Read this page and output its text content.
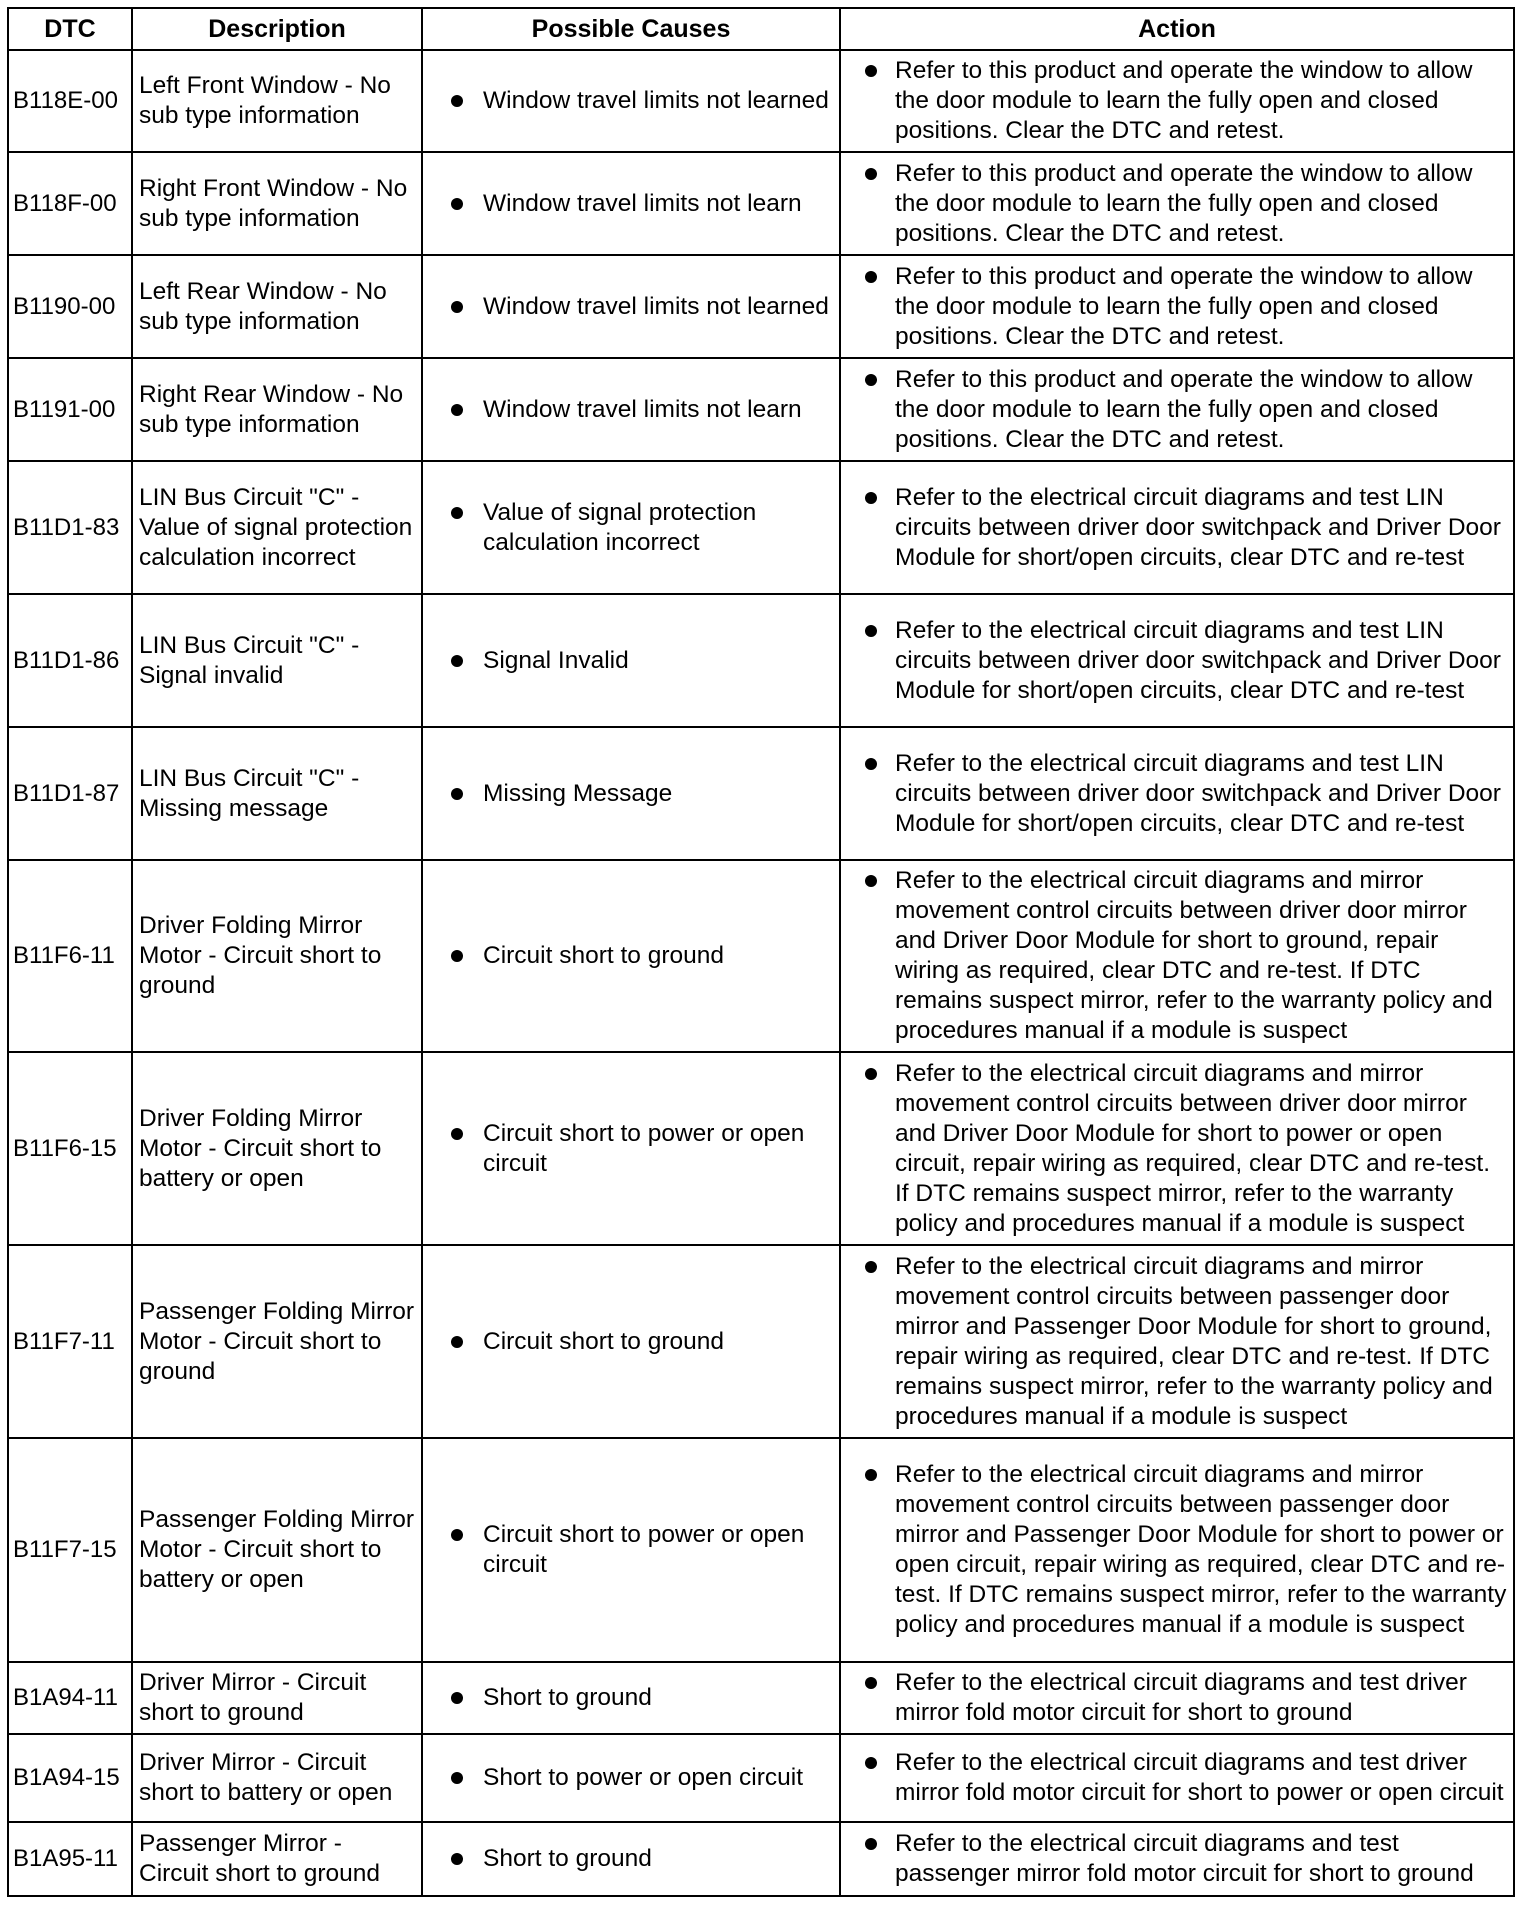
DTC	Description	Possible Causes	Action
B118E-00	Left Front Window - No sub type information	Window travel limits not learned	Refer to this product and operate the window to allow the door module to learn the fully open and closed positions. Clear the DTC and retest.

B118F-00	Right Front Window - No sub type information	Window travel limits not learn	Refer to this product and operate the window to allow the door module to learn the fully open and closed positions. Clear the DTC and retest.

B1190-00	Left Rear Window - No sub type information	Window travel limits not learned	Refer to this product and operate the window to allow the door module to learn the fully open and closed positions. Clear the DTC and retest.

B1191-00	Right Rear Window - No sub type information	Window travel limits not learn	Refer to this product and operate the window to allow the door module to learn the fully open and closed positions. Clear the DTC and retest.

B11D1-83	LIN Bus Circuit "C" - Value of signal protection calculation incorrect	Value of signal protection calculation incorrect	Refer to the electrical circuit diagrams and test LIN circuits between driver door switchpack and Driver Door Module for short/open circuits, clear DTC and re-test

B11D1-86	LIN Bus Circuit "C" - Signal invalid	Signal Invalid	Refer to the electrical circuit diagrams and test LIN circuits between driver door switchpack and Driver Door Module for short/open circuits, clear DTC and re-test

B11D1-87	LIN Bus Circuit "C" - Missing message	Missing Message	Refer to the electrical circuit diagrams and test LIN circuits between driver door switchpack and Driver Door Module for short/open circuits, clear DTC and re-test

B11F6-11	Driver Folding Mirror Motor - Circuit short to ground	Circuit short to ground	Refer to the electrical circuit diagrams and mirror movement control circuits between driver door mirror and Driver Door Module for short to ground, repair wiring as required, clear DTC and re-test. If DTC remains suspect mirror, refer to the warranty policy and procedures manual if a module is suspect

B11F6-15	Driver Folding Mirror Motor - Circuit short to battery or open	Circuit short to power or open circuit	Refer to the electrical circuit diagrams and mirror movement control circuits between driver door mirror and Driver Door Module for short to power or open circuit, repair wiring as required, clear DTC and re-test. If DTC remains suspect mirror, refer to the warranty policy and procedures manual if a module is suspect

B11F7-11	Passenger Folding Mirror Motor - Circuit short to ground	Circuit short to ground	Refer to the electrical circuit diagrams and mirror movement control circuits between passenger door mirror and Passenger Door Module for short to ground, repair wiring as required, clear DTC and re-test. If DTC remains suspect mirror, refer to the warranty policy and procedures manual if a module is suspect

B11F7-15	Passenger Folding Mirror Motor - Circuit short to battery or open	Circuit short to power or open circuit	Refer to the electrical circuit diagrams and mirror movement control circuits between passenger door mirror and Passenger Door Module for short to power or open circuit, repair wiring as required, clear DTC and re-test. If DTC remains suspect mirror, refer to the warranty policy and procedures manual if a module is suspect

B1A94-11	Driver Mirror - Circuit short to ground	Short to ground	Refer to the electrical circuit diagrams and test driver mirror fold motor circuit for short to ground

B1A94-15	Driver Mirror - Circuit short to battery or open	Short to power or open circuit	Refer to the electrical circuit diagrams and test driver mirror fold motor circuit for short to power or open circuit

B1A95-11	Passenger Mirror - Circuit short to ground	Short to ground	Refer to the electrical circuit diagrams and test passenger mirror fold motor circuit for short to ground
